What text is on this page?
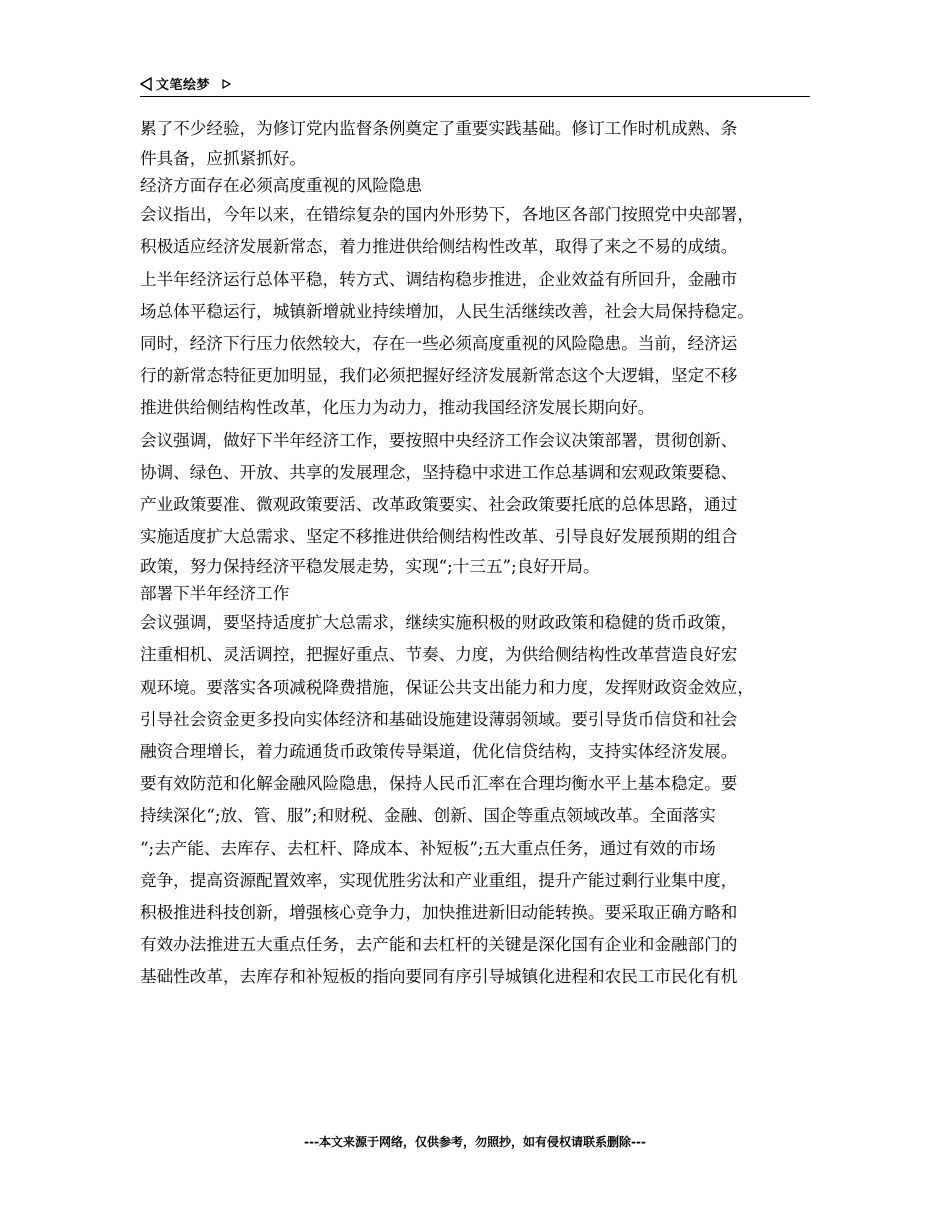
文笔绘梦
累了不少经验，为修订党内监督条例奠定了重要实践基础。修订工作时机成熟、条
件具备，应抓紧抓好。
经济方面存在必须高度重视的风险隐患
会议指出，今年以来，在错综复杂的国内外形势下，各地区各部门按照党中央部署，
积极适应经济发展新常态，着力推进供给侧结构性改革，取得了来之不易的成绩。
上半年经济运行总体平稳，转方式、调结构稳步推进，企业效益有所回升，金融市
场总体平稳运行，城镇新增就业持续增加，人民生活继续改善，社会大局保持稳定。
同时，经济下行压力依然较大，存在一些必须高度重视的风险隐患。当前，经济运
行的新常态特征更加明显，我们必须把握好经济发展新常态这个大逻辑，坚定不移
推进供给侧结构性改革，化压力为动力，推动我国经济发展长期向好。
会议强调，做好下半年经济工作，要按照中央经济工作会议决策部署，贯彻创新、
协调、绿色、开放、共享的发展理念，坚持稳中求进工作总基调和宏观政策要稳、
产业政策要准、微观政策要活、改革政策要实、社会政策要托底的总体思路，通过
实施适度扩大总需求、坚定不移推进供给侧结构性改革、引导良好发展预期的组合
政策，努力保持经济平稳发展走势，实现“;十三五”;良好开局。
部署下半年经济工作
会议强调，要坚持适度扩大总需求，继续实施积极的财政政策和稳健的货币政策，
注重相机、灵活调控，把握好重点、节奏、力度，为供给侧结构性改革营造良好宏
观环境。要落实各项减税降费措施，保证公共支出能力和力度，发挥财政资金效应，
引导社会资金更多投向实体经济和基础设施建设薄弱领域。要引导货币信贷和社会
融资合理增长，着力疏通货币政策传导渠道，优化信贷结构，支持实体经济发展。
要有效防范和化解金融风险隐患，保持人民币汇率在合理均衡水平上基本稳定。要
持续深化“;放、管、服”;和财税、金融、创新、国企等重点领域改革。全面落实
“;去产能、去库存、去杠杆、降成本、补短板”;五大重点任务，通过有效的市场
竞争，提高资源配置效率，实现优胜劣汰和产业重组，提升产能过剩行业集中度，
积极推进科技创新，增强核心竞争力，加快推进新旧动能转换。要采取正确方略和
有效办法推进五大重点任务，去产能和去杠杆的关键是深化国有企业和金融部门的
基础性改革，去库存和补短板的指向要同有序引导城镇化进程和农民工市民化有机
---本文来源于网络，仅供参考，勿照抄，如有侵权请联系删除---
